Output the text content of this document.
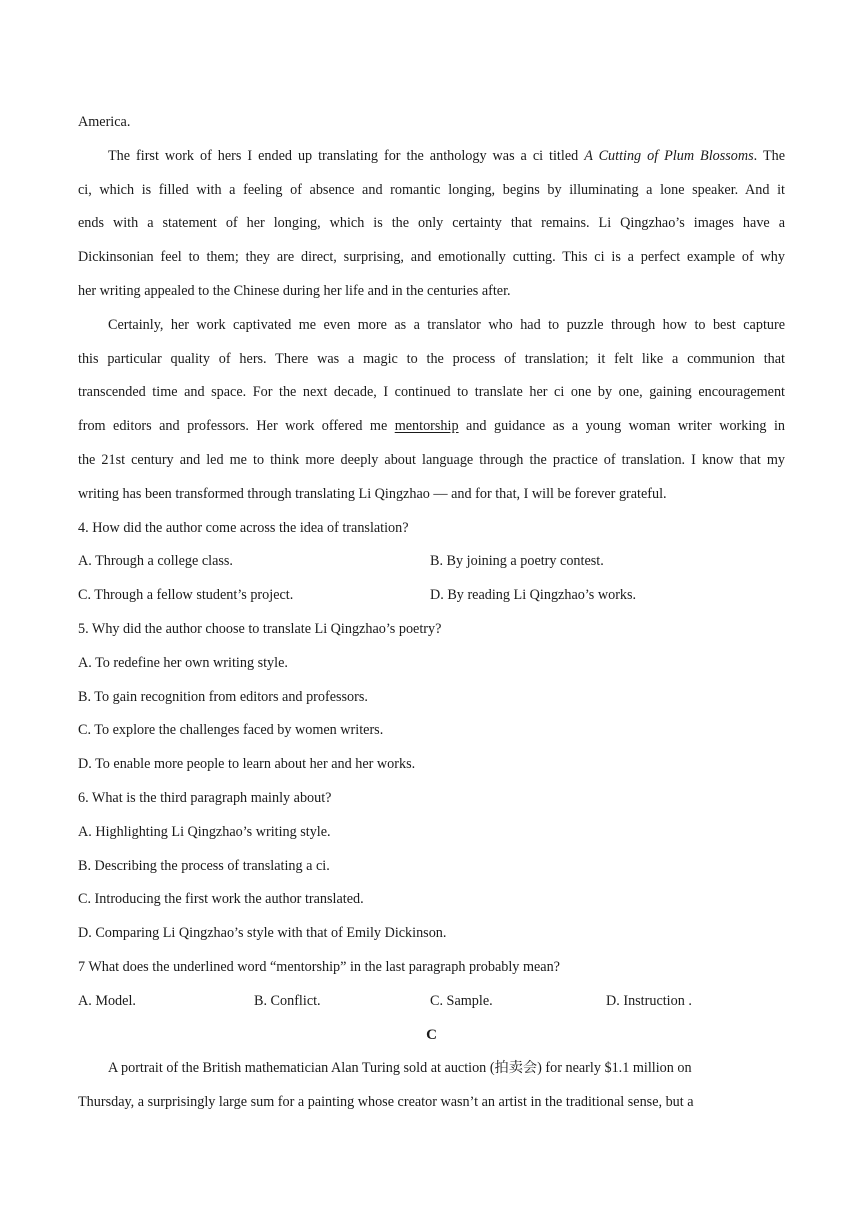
America.
The first work of hers I ended up translating for the anthology was a ci titled A Cutting of Plum Blossoms. The
ci, which is filled with a feeling of absence and romantic longing, begins by illuminating a lone speaker. And it
ends with a statement of her longing, which is the only certainty that remains. Li Qingzhao’s images have a
Dickinsonian feel to them; they are direct, surprising, and emotionally cutting. This ci is a perfect example of why
her writing appealed to the Chinese during her life and in the centuries after.
Certainly, her work captivated me even more as a translator who had to puzzle through how to best capture
this particular quality of hers. There was a magic to the process of translation; it felt like a communion that
transcended time and space. For the next decade, I continued to translate her ci one by one, gaining encouragement
from editors and professors. Her work offered me mentorship and guidance as a young woman writer working in
the 21st century and led me to think more deeply about language through the practice of translation. I know that my
writing has been transformed through translating Li Qingzhao — and for that, I will be forever grateful.
4. How did the author come across the idea of translation?
A. Through a college class.	B. By joining a poetry contest.
C. Through a fellow student’s project.	D. By reading Li Qingzhao’s works.
5. Why did the author choose to translate Li Qingzhao’s poetry?
A. To redefine her own writing style.
B. To gain recognition from editors and professors.
C. To explore the challenges faced by women writers.
D. To enable more people to learn about her and her works.
6. What is the third paragraph mainly about?
A. Highlighting Li Qingzhao’s writing style.
B. Describing the process of translating a ci.
C. Introducing the first work the author translated.
D. Comparing Li Qingzhao’s style with that of Emily Dickinson.
7 What does the underlined word “mentorship” in the last paragraph probably mean?
A. Model.	B. Conflict.	C. Sample.	D. Instruction .
C
A portrait of the British mathematician Alan Turing sold at auction (拍卖会) for nearly $1.1 million on
Thursday, a surprisingly large sum for a painting whose creator wasn’t an artist in the traditional sense, but a
